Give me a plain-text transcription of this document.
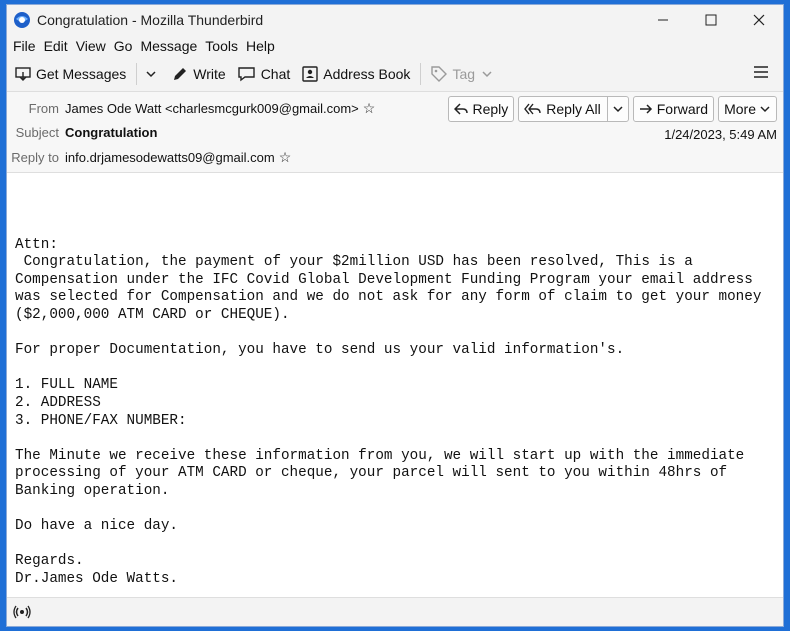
Congratulation - Mozilla Thunderbird
File Edit View Go Message Tools Help
Get Messages	Write	Chat Address Book	Tag
From James Ode Watt <charlesmcgurk009@gmail.com> ☆
Subject Congratulation
Reply to info.drjamesodewatts09@gmail.com ☆
Reply	Reply All	Forward More
1/24/2023, 5:49 AM

Attn:
Congratulation, the payment of your $2million USD has been resolved, This is a Compensation under the IFC Covid Global Development Funding Program your email address was selected for Compensation and we do not ask for any form of claim to get your money ($2,000,000 ATM CARD or CHEQUE).

For proper Documentation, you have to send us your valid information's.

1. FULL NAME
2. ADDRESS
3. PHONE/FAX NUMBER:

The Minute we receive these information from you, we will start up with the immediate processing of your ATM CARD or cheque, your parcel will sent to you within 48hrs of Banking operation.

Do have a nice day.

Regards.
Dr.James Ode Watts.
